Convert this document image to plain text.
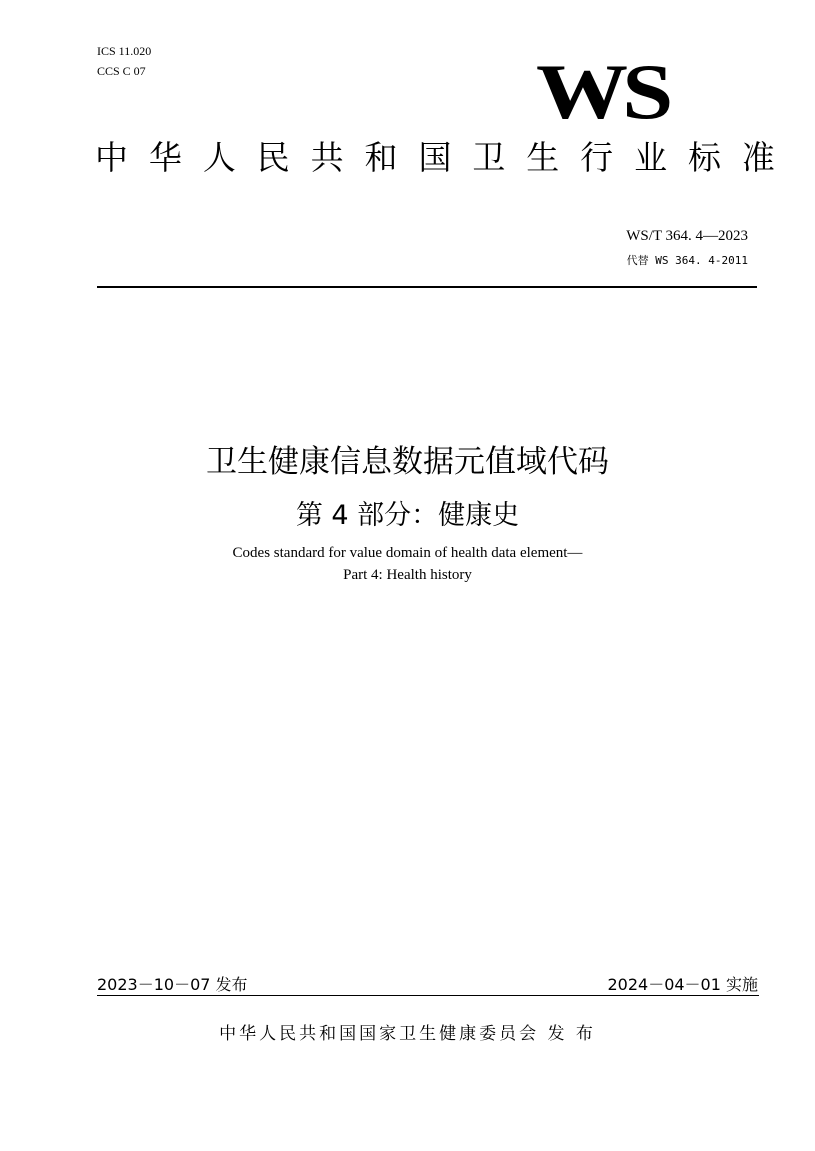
ICS 11.020
CCS C 07	WS
中 华 人 民 共 和 国 卫 生 行 业 标 准
WS/T 364. 4—2023
代替 WS 364. 4-2011
卫生健康信息数据元值域代码
第 4 部分：健康史
Codes standard for value domain of health data element—
Part 4: Health history
2023－10－07 发布	2024－04－01 实施
中华人民共和国国家卫生健康委员会 发 布
